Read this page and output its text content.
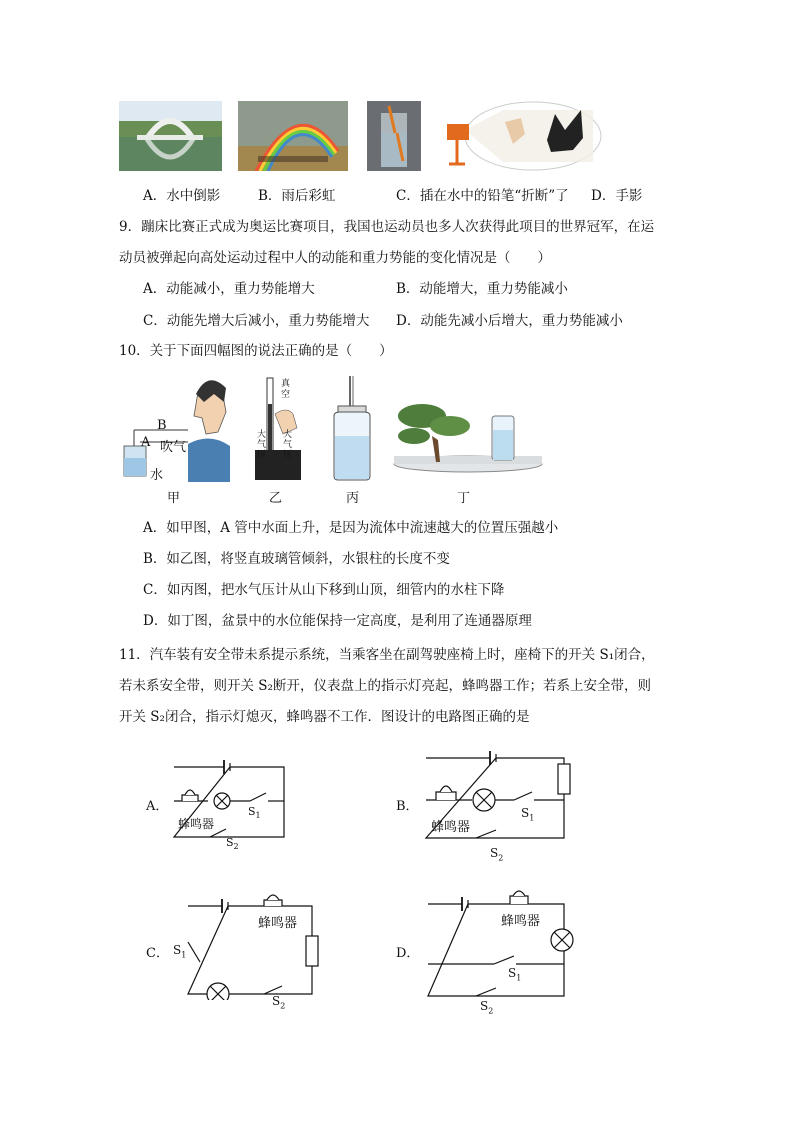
A．水中倒影	B．雨后彩虹	C．插在水中的铅笔“折断”了 D．手影
9．蹦床比赛正式成为奥运比赛项目，我国也运动员也多人次获得此项目的世界冠军，在运
动员被弹起向高处运动过程中人的动能和重力势能的变化情况是（　　）
A．动能减小，重力势能增大	B．动能增大，重力势能减小
C．动能先增大后减小，重力势能增大 D．动能先减小后增大，重力势能减小
10．关于下面四幅图的说法正确的是（　　）
B
A 吹气
水
甲
真
空
大气压
大气压
乙	丙	丁
A．如甲图，A 管中水面上升，是因为流体中流速越大的位置压强越小
B．如乙图，将竖直玻璃管倾斜，水银柱的长度不变
C．如丙图，把水气压计从山下移到山顶，细管内的水柱下降
D．如丁图，盆景中的水位能保持一定高度，是利用了连通器原理
11．汽车装有安全带未系提示系统，当乘客坐在副驾驶座椅上时，座椅下的开关 S₁闭合，
若未系安全带，则开关 S₂断开，仪表盘上的指示灯亮起，蜂鸣器工作；若系上安全带，则
开关 S₂闭合，指示灯熄灭，蜂鸣器不工作．图设计的电路图正确的是
A．
蜂鸣器
$S_1$
$S_2$
B．
蜂鸣器
$S_1$
$S_2$
C．
蜂鸣器
$S_1$
$S_2$
D．
蜂鸣器
$S_1$
$S_2$
